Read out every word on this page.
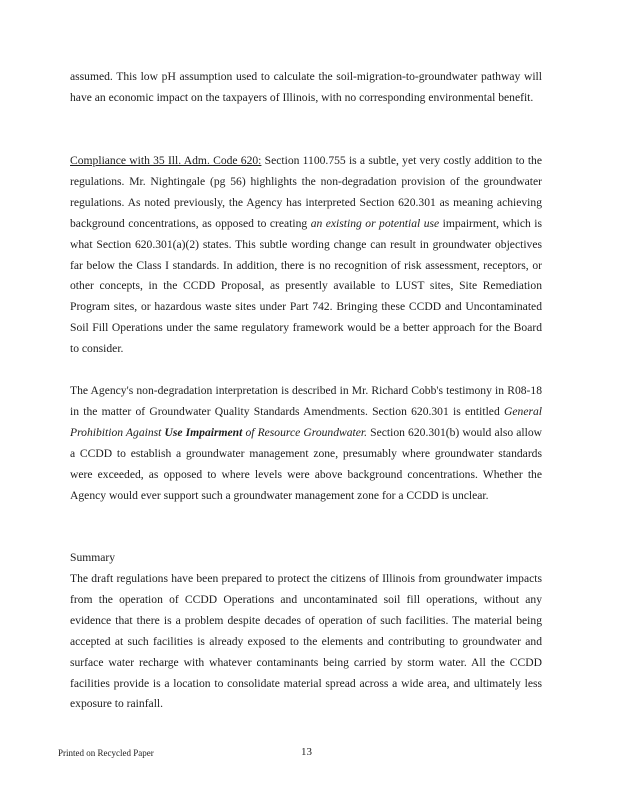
assumed. This low pH assumption used to calculate the soil-migration-to-groundwater pathway will have an economic impact on the taxpayers of Illinois, with no corresponding environmental benefit.

Compliance with 35 Ill. Adm. Code 620: Section 1100.755 is a subtle, yet very costly addition to the regulations. Mr. Nightingale (pg 56) highlights the non-degradation provision of the groundwater regulations. As noted previously, the Agency has interpreted Section 620.301 as meaning achieving background concentrations, as opposed to creating an existing or potential use impairment, which is what Section 620.301(a)(2) states. This subtle wording change can result in groundwater objectives far below the Class I standards. In addition, there is no recognition of risk assessment, receptors, or other concepts, in the CCDD Proposal, as presently available to LUST sites, Site Remediation Program sites, or hazardous waste sites under Part 742. Bringing these CCDD and Uncontaminated Soil Fill Operations under the same regulatory framework would be a better approach for the Board to consider.

The Agency's non-degradation interpretation is described in Mr. Richard Cobb's testimony in R08-18 in the matter of Groundwater Quality Standards Amendments. Section 620.301 is entitled General Prohibition Against Use Impairment of Resource Groundwater. Section 620.301(b) would also allow a CCDD to establish a groundwater management zone, presumably where groundwater standards were exceeded, as opposed to where levels were above background concentrations. Whether the Agency would ever support such a groundwater management zone for a CCDD is unclear.

Summary

The draft regulations have been prepared to protect the citizens of Illinois from groundwater impacts from the operation of CCDD Operations and uncontaminated soil fill operations, without any evidence that there is a problem despite decades of operation of such facilities. The material being accepted at such facilities is already exposed to the elements and contributing to groundwater and surface water recharge with whatever contaminants being carried by storm water. All the CCDD facilities provide is a location to consolidate material spread across a wide area, and ultimately less exposure to rainfall.

Printed on Recycled Paper	13
